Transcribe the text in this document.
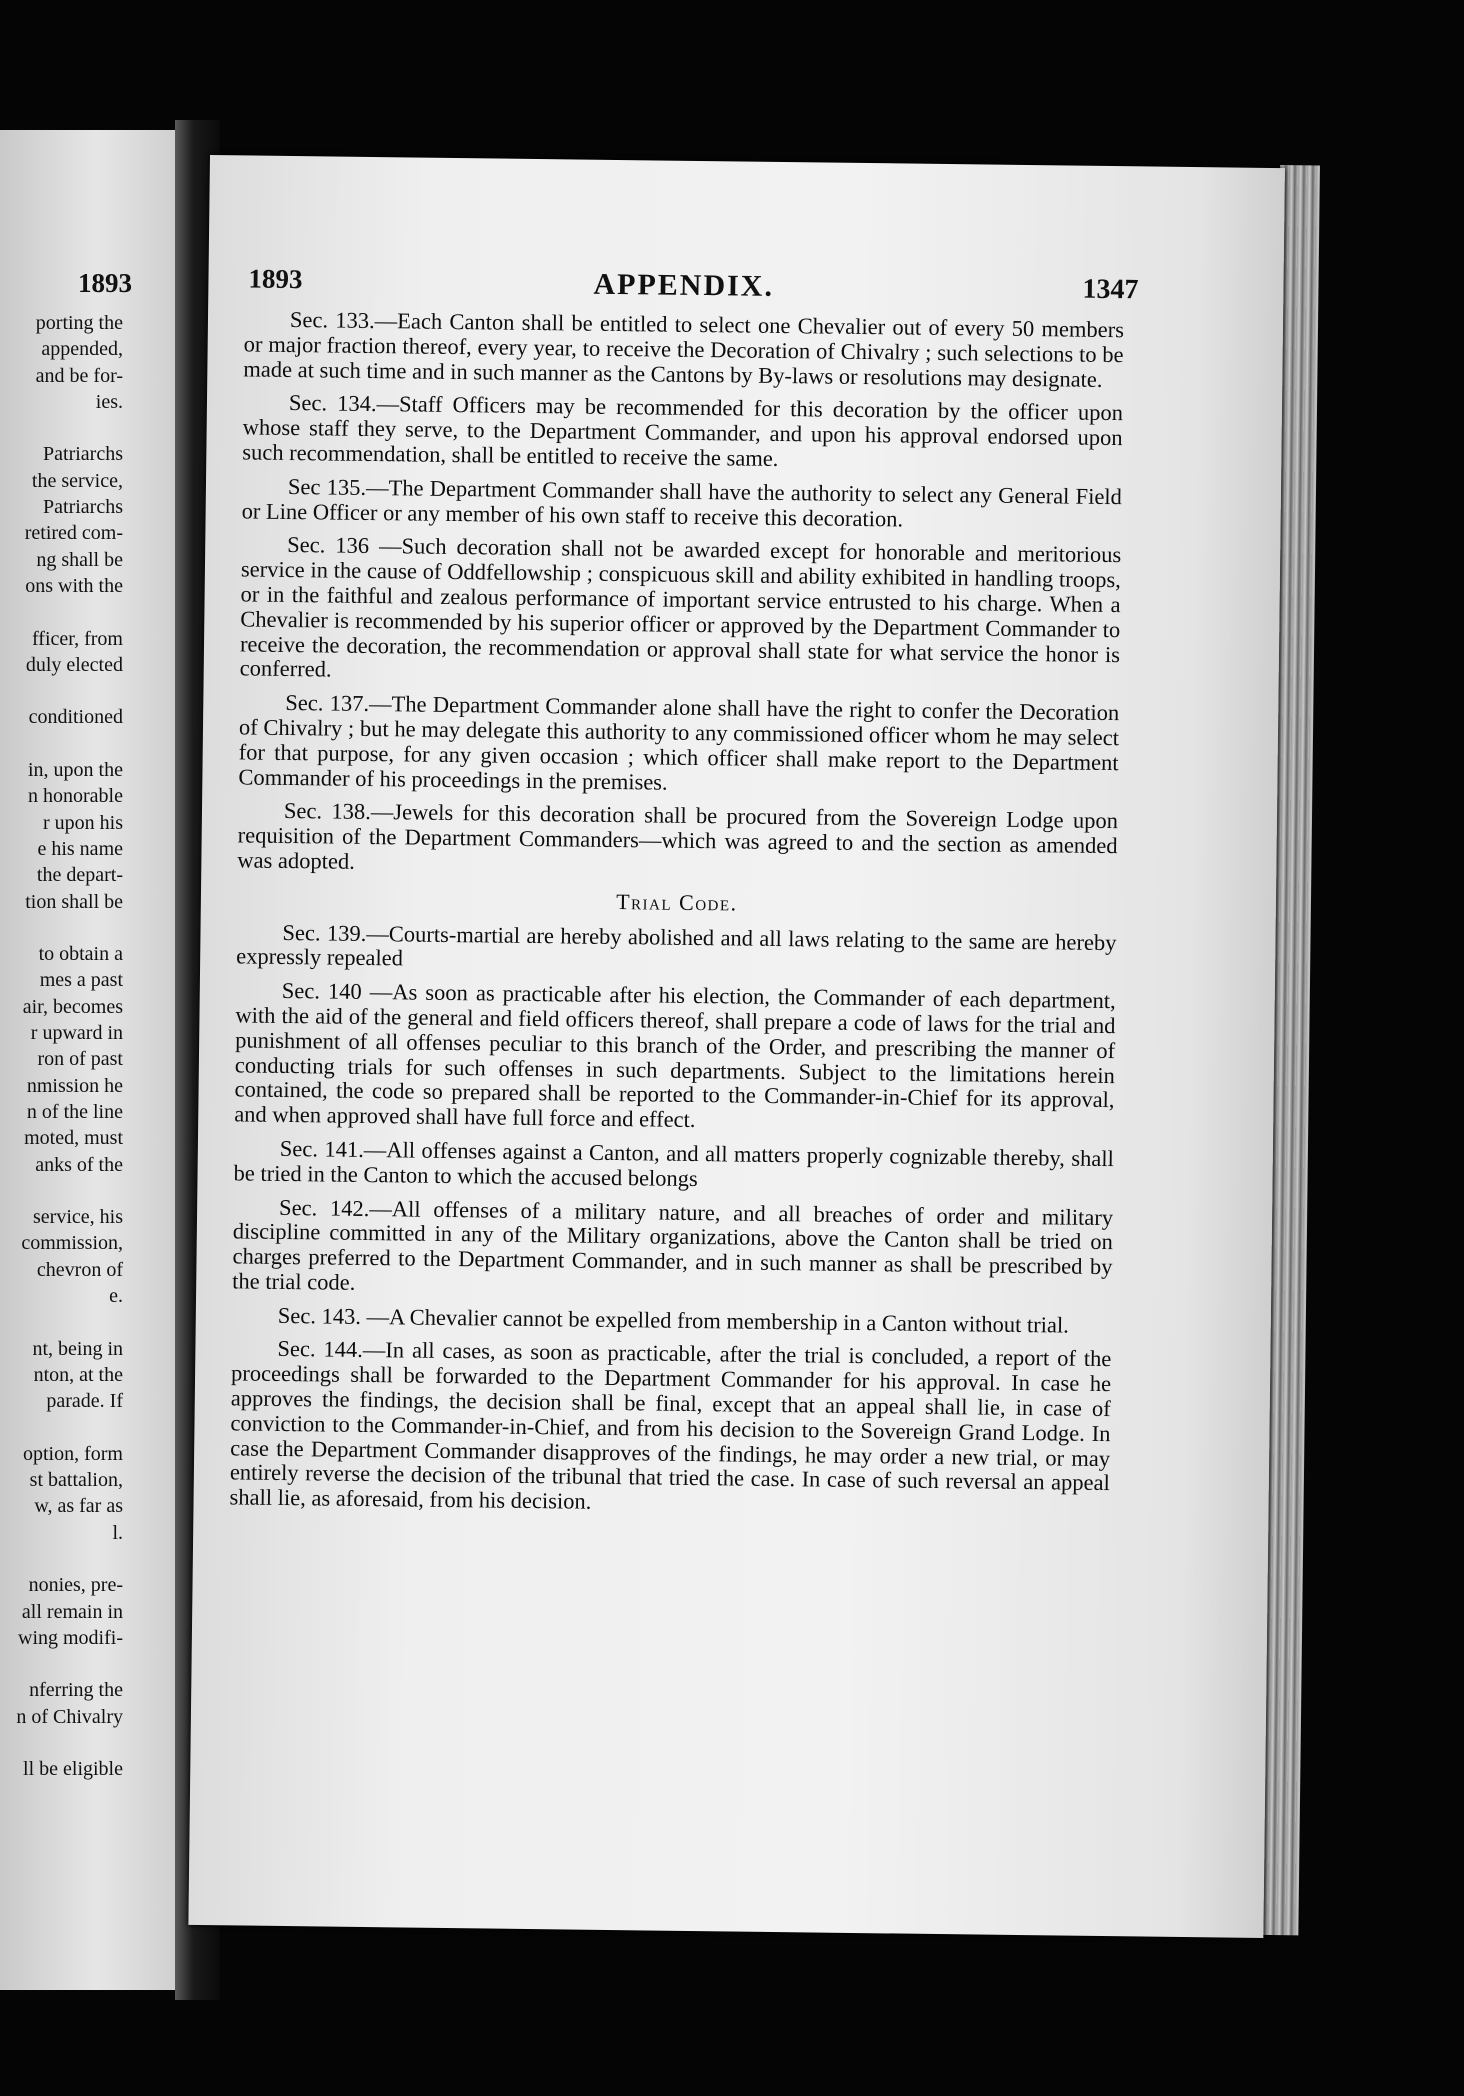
1893
porting the
appended,
and be for-
ies.
Patriarchs
the service,
Patriarchs
retired com-
ng shall be
ons with the
fficer, from
duly elected
conditioned
in, upon the
n honorable
r upon his
e his name
the depart-
tion shall be
to obtain a
mes a past
air, becomes
r upward in
ron of past
nmission he
n of the line
moted, must
anks of the
service, his
commission,
chevron of
e.
nt, being in
nton, at the
parade. If
option, form
st battalion,
w, as far as
l.
nonies, pre-
all remain in
wing modifi-
nferring the
n of Chivalry
ll be eligible
1893	APPENDIX.	1347

Sec. 133.—Each Canton shall be entitled to select one Chevalier out of every 50 members or major fraction thereof, every year, to receive the Decoration of Chivalry ; such selections to be made at such time and in such manner as the Cantons by By-laws or resolutions may designate.

Sec. 134.—Staff Officers may be recommended for this decoration by the officer upon whose staff they serve, to the Department Commander, and upon his approval endorsed upon such recommendation, shall be entitled to receive the same.

Sec 135.—The Department Commander shall have the authority to select any General Field or Line Officer or any member of his own staff to receive this decoration.

Sec. 136 —Such decoration shall not be awarded except for honorable and meritorious service in the cause of Oddfellowship ; conspicuous skill and ability exhibited in handling troops, or in the faithful and zealous performance of important service entrusted to his charge. When a Chevalier is recommended by his superior officer or approved by the Department Commander to receive the decoration, the recommendation or approval shall state for what service the honor is conferred.

Sec. 137.—The Department Commander alone shall have the right to confer the Decoration of Chivalry ; but he may delegate this authority to any commissioned officer whom he may select for that purpose, for any given occasion ; which officer shall make report to the Department Commander of his proceedings in the premises.

Sec. 138.—Jewels for this decoration shall be procured from the Sovereign Lodge upon requisition of the Department Commanders—which was agreed to and the section as amended was adopted.

Trial Code.

Sec. 139.—Courts-martial are hereby abolished and all laws relating to the same are hereby expressly repealed

Sec. 140 —As soon as practicable after his election, the Commander of each department, with the aid of the general and field officers thereof, shall prepare a code of laws for the trial and punishment of all offenses peculiar to this branch of the Order, and prescribing the manner of conducting trials for such offenses in such departments. Subject to the limitations herein contained, the code so prepared shall be reported to the Commander-in-Chief for its approval, and when approved shall have full force and effect.

Sec. 141.—All offenses against a Canton, and all matters properly cognizable thereby, shall be tried in the Canton to which the accused belongs

Sec. 142.—All offenses of a military nature, and all breaches of order and military discipline committed in any of the Military organizations, above the Canton shall be tried on charges preferred to the Department Commander, and in such manner as shall be prescribed by the trial code.

Sec. 143. —A Chevalier cannot be expelled from membership in a Canton without trial.

Sec. 144.—In all cases, as soon as practicable, after the trial is concluded, a report of the proceedings shall be forwarded to the Department Commander for his approval. In case he approves the findings, the decision shall be final, except that an appeal shall lie, in case of conviction to the Commander-in-Chief, and from his decision to the Sovereign Grand Lodge. In case the Department Commander disapproves of the findings, he may order a new trial, or may entirely reverse the decision of the tribunal that tried the case. In case of such reversal an appeal shall lie, as aforesaid, from his decision.
